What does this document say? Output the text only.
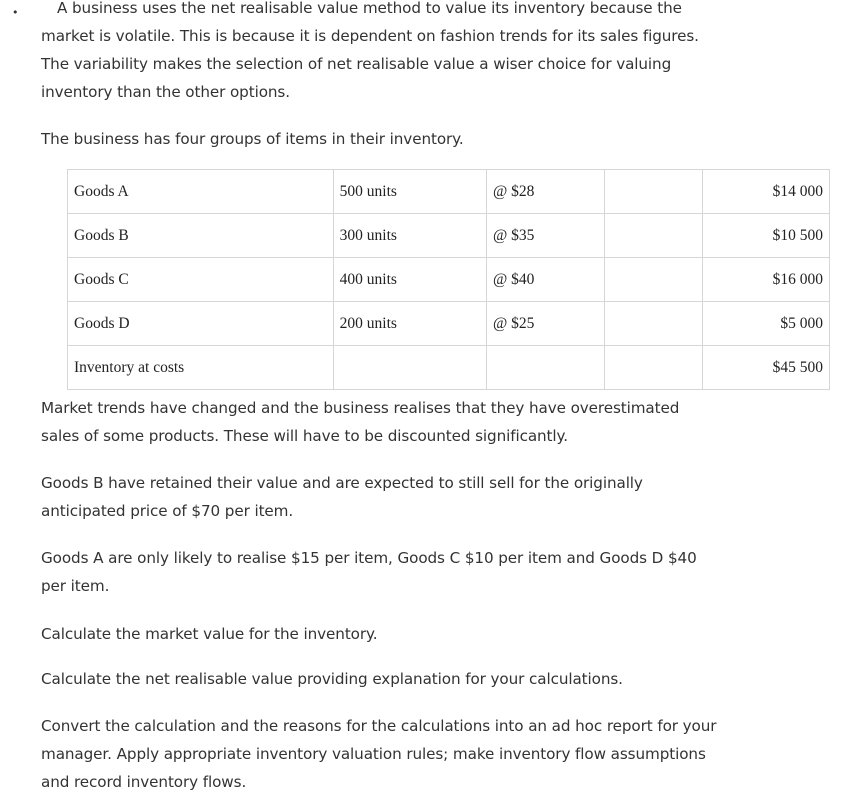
•	A business uses the net realisable value method to value its inventory because the market is volatile. This is because it is dependent on fashion trends for its sales figures. The variability makes the selection of net realisable value a wiser choice for valuing inventory than the other options.

The business has four groups of items in their inventory.

Goods A	500 units	@ $28		$14 000
Goods B	300 units	@ $35		$10 500
Goods C	400 units	@ $40		$16 000
Goods D	200 units	@ $25		$5 000
Inventory at costs				$45 500

Market trends have changed and the business realises that they have overestimated sales of some products. These will have to be discounted significantly.

Goods B have retained their value and are expected to still sell for the originally anticipated price of $70 per item.

Goods A are only likely to realise $15 per item, Goods C $10 per item and Goods D $40 per item.

Calculate the market value for the inventory.

Calculate the net realisable value providing explanation for your calculations.

Convert the calculation and the reasons for the calculations into an ad hoc report for your manager. Apply appropriate inventory valuation rules; make inventory flow assumptions and record inventory flows.
